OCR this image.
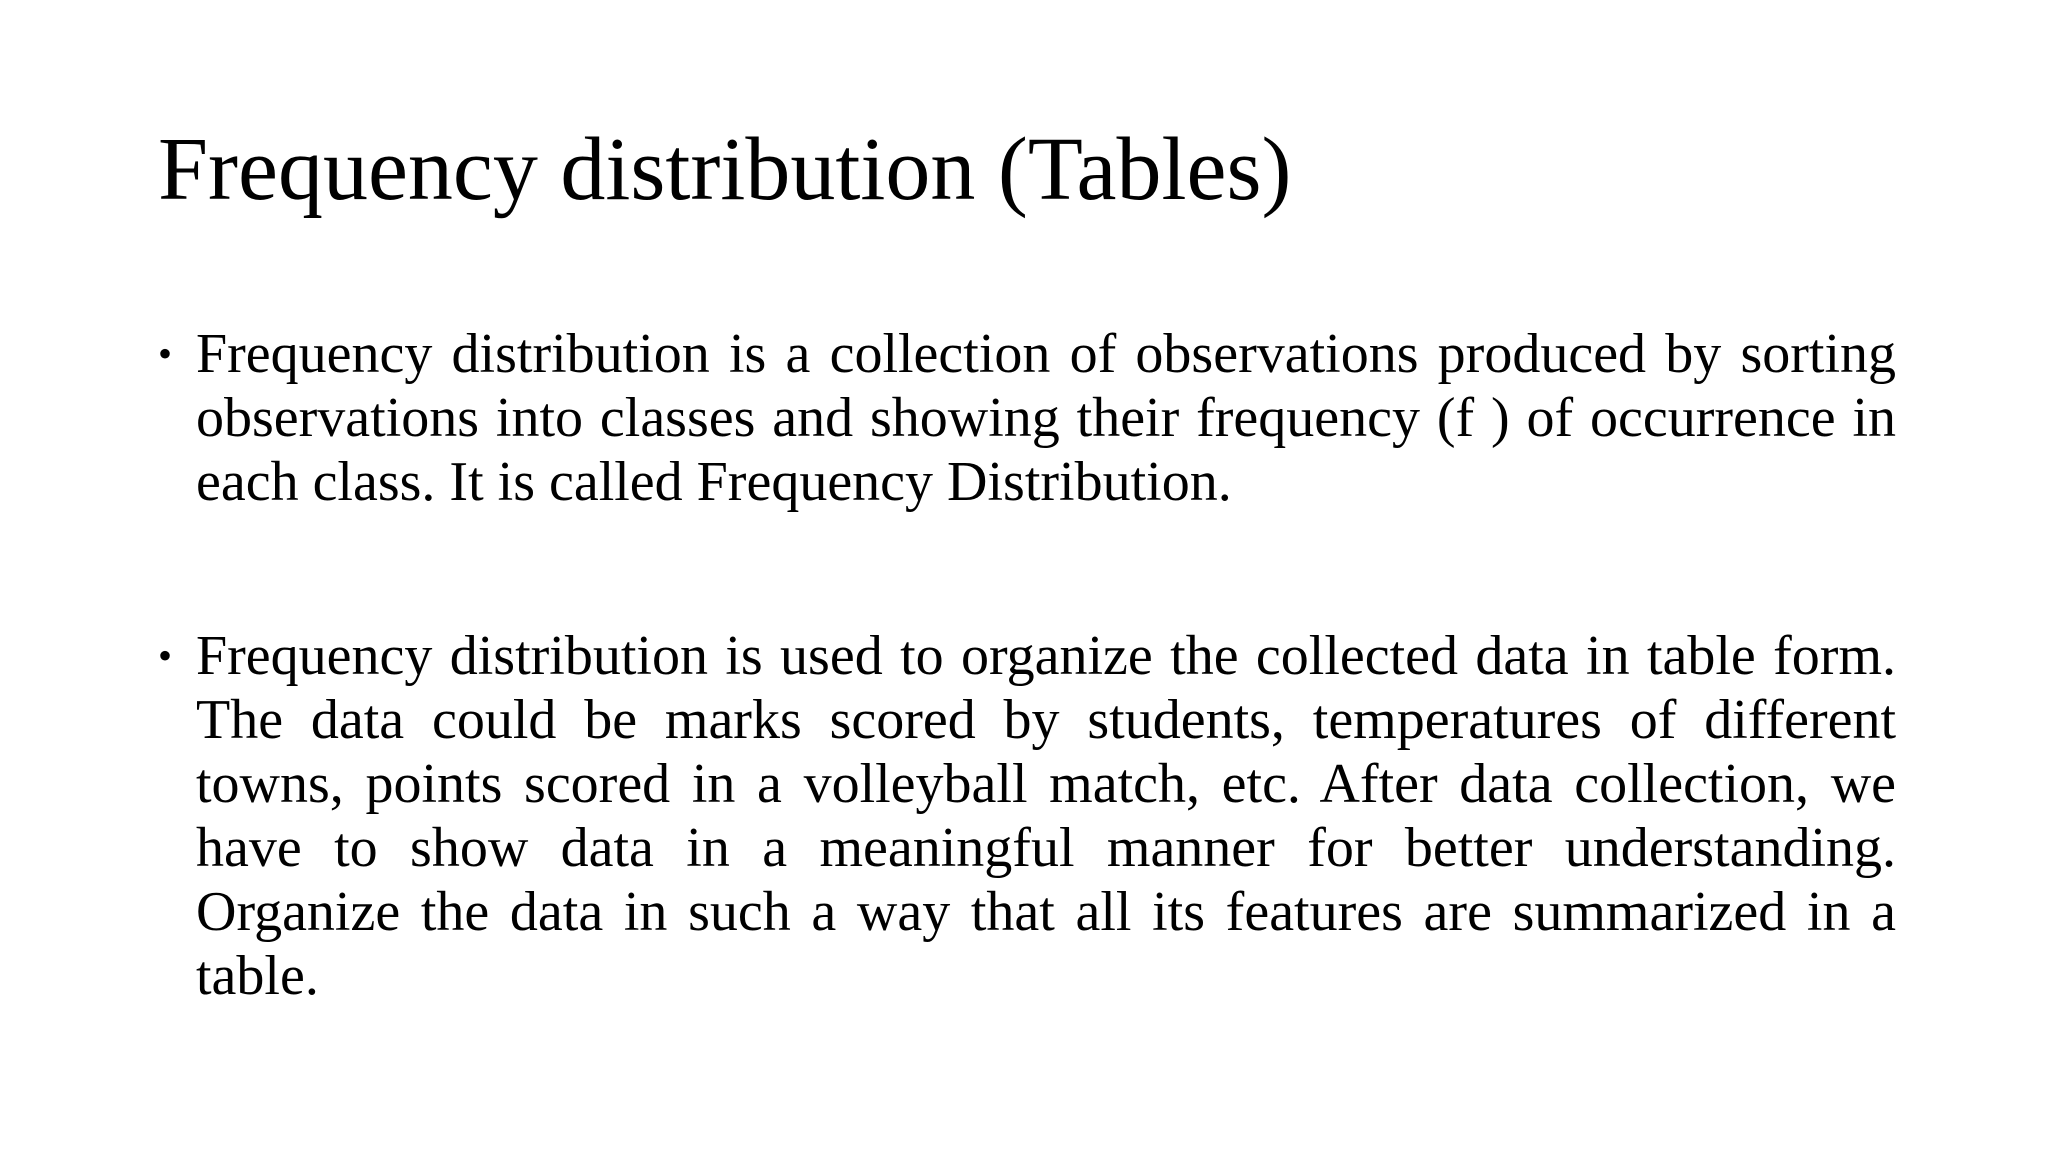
Frequency distribution (Tables)
• Frequency distribution is a collection of observations produced by sorting observations into classes and showing their frequency (f ) of occurrence in each class. It is called Frequency Distribution.
• Frequency distribution is used to organize the collected data in table form. The data could be marks scored by students, temperatures of different towns, points scored in a volleyball match, etc. After data collection, we have to show data in a meaningful manner for better understanding. Organize the data in such a way that all its features are summarized in a table.
